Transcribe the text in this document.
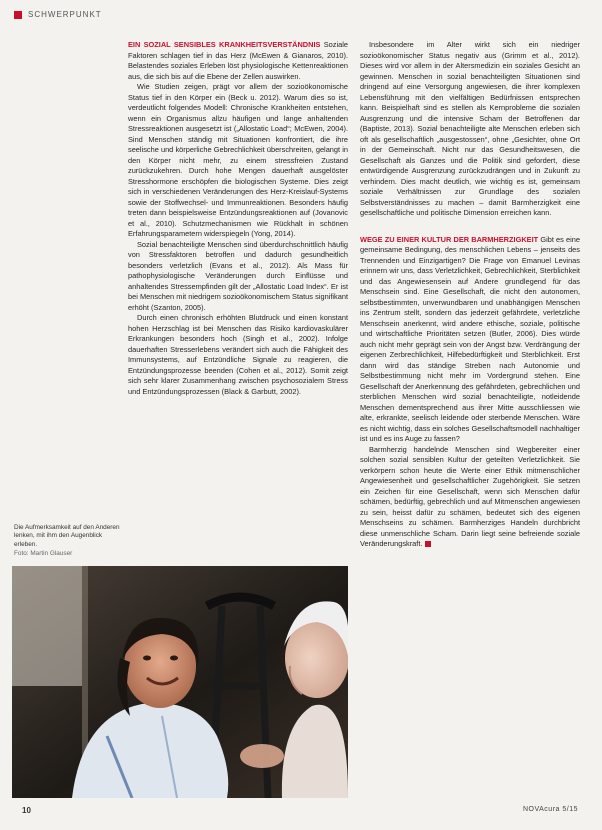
SCHWERPUNKT

EIN SOZIAL SENSIBLES KRANKHEITSVERSTÄNDNIS Soziale Faktoren schlagen tief in das Herz (McEwen & Gianaros, 2010). Belastendes soziales Erleben löst physiologische Kettenreaktionen aus, die sich bis auf die Ebene der Zellen auswirken.

Wie Studien zeigen, prägt vor allem der sozioökonomische Status tief in den Körper ein (Beck u. 2012). Warum dies so ist, verdeutlicht folgendes Modell: Chronische Krankheiten entstehen, wenn ein Organismus allzu häufigen und lange anhaltenden Stressreaktionen ausgesetzt ist („Allostatic Load“; McEwen, 2004). Sind Menschen ständig mit Situationen konfrontiert, die ihre seelische und körperliche Gebrechlichkeit überschreiten, gelangt in den Körper nicht mehr, zu einem stressfreien Zustand zurückzukehren. Durch hohe Mengen dauerhaft ausgelöster Stresshormone erschöpfen die biologischen Systeme. Dies zeigt sich in verschiedenen Veränderungen des Herz-Kreislauf-Systems sowie der Stoffwechsel- und Immunreaktionen. Besonders häufig treten dann beispielsweise Entzündungsreaktionen auf (Jovanovic et al., 2010). Schutzmechanismen wie Rückhalt in schönen Erfahrungsparametern widerspiegeln (Yong, 2014).

Sozial benachteiligte Menschen sind überdurchschnittlich häufig von Stressfaktoren betroffen und dadurch gesundheitlich besonders verletzlich (Evans et al., 2012). Als Mass für pathophysiologische Veränderungen durch Einflüsse und anhaltendes Stressempfinden gilt der „Allostatic Load Index“. Er ist bei Menschen mit niedrigem sozioökonomischem Status signifikant erhöht (Szanton, 2005).

Durch einen chronisch erhöhten Blutdruck und einen konstant hohen Herzschlag ist bei Menschen das Risiko kardiovaskulärer Erkrankungen besonders hoch (Singh et al., 2002). Infolge dauerhaften Stresserlebens verändert sich auch die Fähigkeit des Immunsystems, auf Entzündliche Signale zu reagieren, die Entzündungsprozesse beenden (Cohen et al., 2012). Somit zeigt sich sehr klarer Zusammenhang zwischen psychosozialem Stress und Entzündungsprozessen (Black & Garbutt, 2002).

Insbesondere im Alter wirkt sich ein niedriger sozioökonomischer Status negativ aus (Grimm et al., 2012). Dieses wird vor allem in der Altersmedizin ein soziales Gesicht an gewinnen. Menschen in sozial benachteiligten Situationen sind dringend auf eine Versorgung angewiesen, die ihrer komplexen Lebensführung mit den vielfältigen Bedürfnissen entsprechen kann. Beispielhaft sind es stellen als Kernprobleme die sozialen Ausgrenzung und die intensive Scham der Betroffenen dar (Baptiste, 2013). Sozial benachteiligte alte Menschen erleben sich oft als gesellschaftlich „ausgestossen“, ohne „Gesichter, ohne Ort in der Gemeinschaft. Nicht nur das Gesundheitswesen, die Gesellschaft als Ganzes und die Politik sind gefordert, diese entwürdigende Ausgrenzung zurückzudrängen und in Zukunft zu verhindern. Dies macht deutlich, wie wichtig es ist, gemeinsam soziale Verhältnissen zur Grundlage des sozialen Selbstverständnisses zu machen – damit Barmherzigkeit eine gesellschaftliche und politische Dimension erreichen kann.

WEGE ZU EINER KULTUR DER BARMHERZIGKEIT Gibt es eine gemeinsame Bedingung, des menschlichen Lebens – jenseits des Trennenden und Einzigartigen? Die Frage von Emanuel Levinas erinnern wir uns, dass Verletzlichkeit, Gebrechlichkeit, Sterblichkeit und das Angewiesensein auf Andere grundlegend für das Menschsein sind. Eine Gesellschaft, die nicht den autonomen, selbstbestimmten, unverwundbaren und unabhängigen Menschen ins Zentrum stellt, sondern das jederzeit gefährdete, verletzliche Menschsein anerkennt, wird andere ethische, soziale, politische und wirtschaftliche Prioritäten setzen (Butler, 2006). Dies würde auch nicht mehr geprägt sein von der Angst bzw. Verdrängung der eigenen Zerbrechlichkeit, Hilfebedürftigkeit und Sterblichkeit. Erst dann wird das ständige Streben nach Autonomie und Selbstbestimmung nicht mehr im Vordergrund stehen. Eine Gesellschaft der Anerkennung des gefährdeten, gebrechlichen und sterblichen Menschen wird sozial benachteiligte, notleidende Menschen dementsprechend aus ihrer Mitte ausschliessen wie alte, erkrankte, seelisch leidende oder sterbende Menschen. Wäre es nicht wichtig, dass ein solches Gesellschaftsmodell nachhaltiger ist und es ins Auge zu fassen?

Barmherzig handelnde Menschen sind Wegbereiter einer solchen sozial sensiblen Kultur der geteilten Verletzlichkeit. Sie verkörpern schon heute die Werte einer Ethik mitmenschlicher Angewiesenheit und gesellschaftlicher Zugehörigkeit. Sie setzen ein Zeichen für eine Gesellschaft, wenn sich Menschen dafür schämen, bedürftig, gebrechlich und auf Mitmenschen angewiesen zu sein, heisst dafür zu schämen, bedeutet sich des eigenen Menschseins zu schämen. Barmherziges Handeln durchbricht diese unmenschliche Scham. Darin liegt seine befreiende soziale Veränderungskraft.

Die Aufmerksamkeit auf den Anderen lenken, mit ihm den Augenblick erleben.
Foto: Martin Glauser
10	NOVAcura 5/15
